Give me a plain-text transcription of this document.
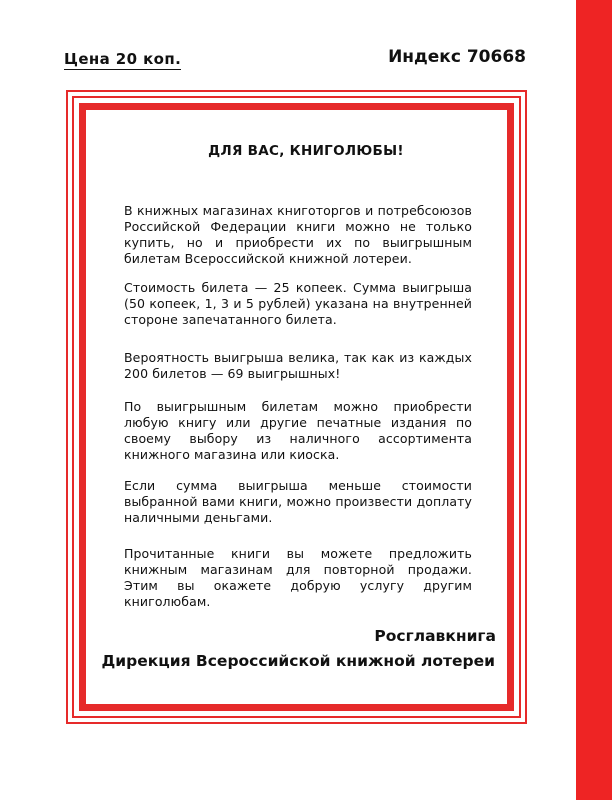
Цена 20 коп.	Индекс 70668
ДЛЯ ВАС, КНИГОЛЮБЫ!

В книжных магазинах книготоргов и потребсоюзов Российской Федерации книги можно не только купить, но и приобрести их по выигрышным билетам Всероссийской книжной лотереи.

Стоимость билета — 25 копеек. Сумма выигрыша (50 копеек, 1, 3 и 5 рублей) указана на внутренней стороне запечатанного билета.

Вероятность выигрыша велика, так как из каждых 200 билетов — 69 выигрышных!

По выигрышным билетам можно приобрести любую книгу или другие печатные издания по своему выбору из наличного ассортимента книжного магазина или киоска.

Если сумма выигрыша меньше стоимости выбранной вами книги, можно произвести доплату наличными деньгами.

Прочитанные книги вы можете предложить книжным магазинам для повторной продажи. Этим вы окажете добрую услугу другим книголюбам.

Росглавкнига
Дирекция Всероссийской книжной лотереи
